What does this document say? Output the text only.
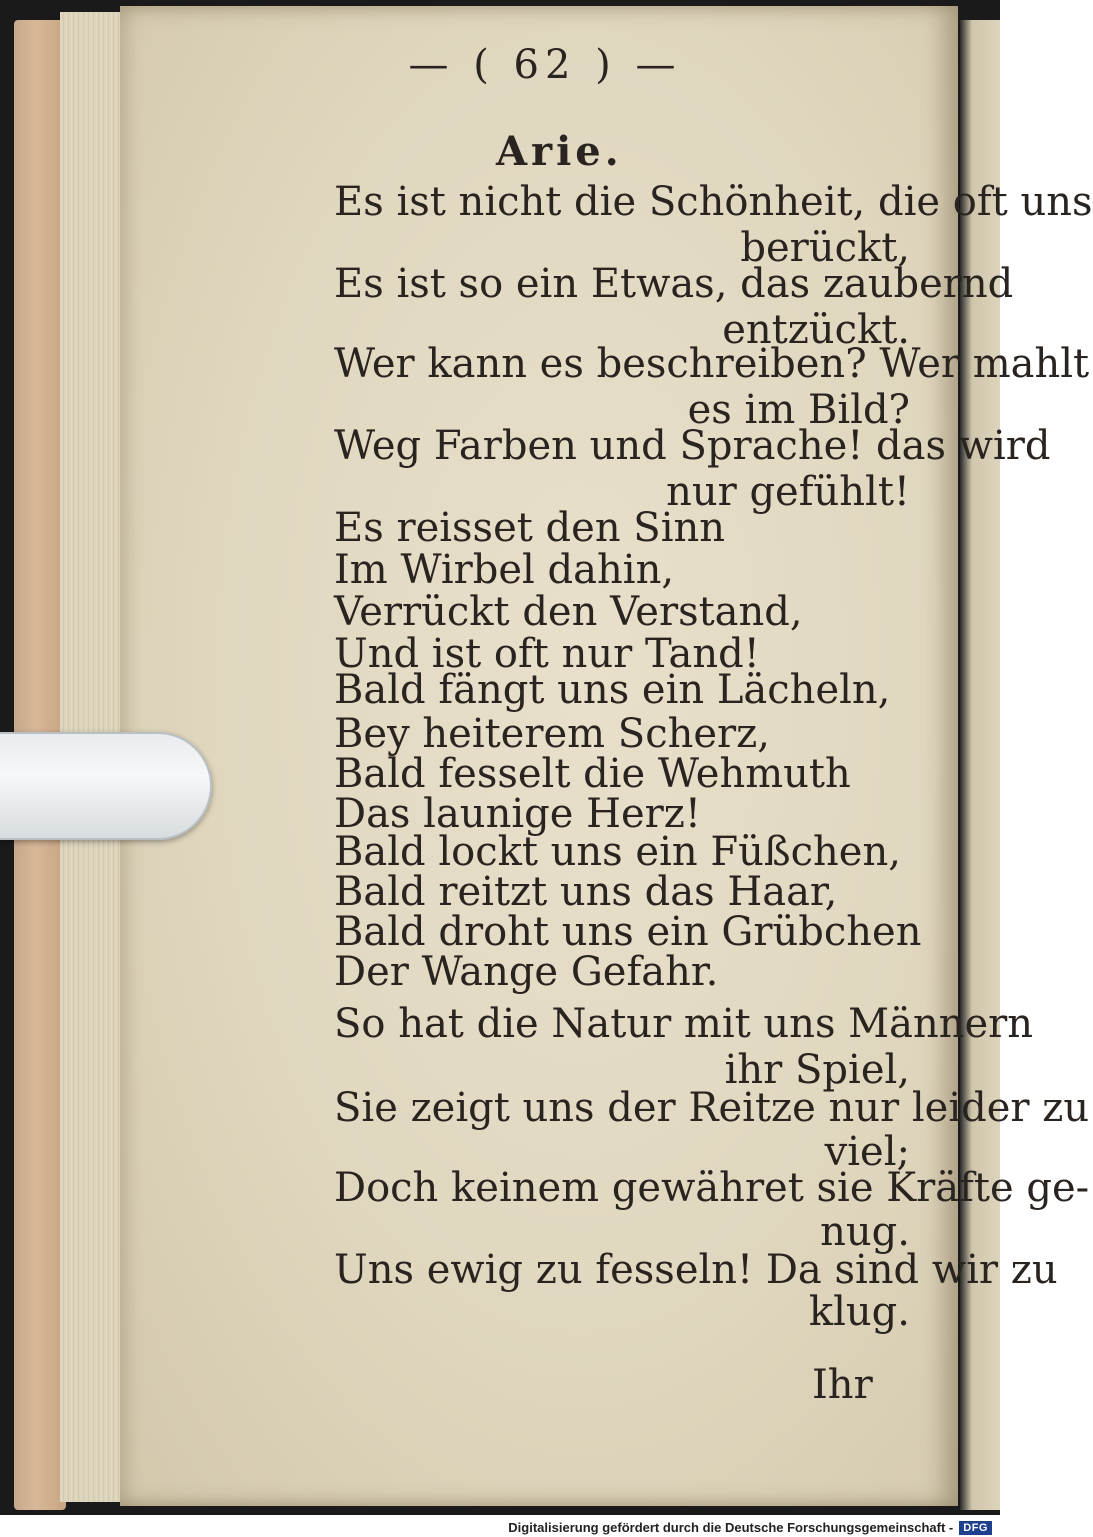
— ( 62 ) —
Arie.
Es ist nicht die Schönheit, die oft uns
berückt,
Es ist so ein Etwas, das zaubernd
entzückt.
Wer kann es beschreiben? Wer mahlt
es im Bild?
Weg Farben und Sprache! das wird
nur gefühlt!
Es reisset den Sinn
Im Wirbel dahin,
Verrückt den Verstand,
Und ist oft nur Tand!
Bald fängt uns ein Lächeln,
Bey heiterem Scherz,
Bald fesselt die Wehmuth
Das launige Herz!
Bald lockt uns ein Füßchen,
Bald reitzt uns das Haar,
Bald droht uns ein Grübchen
Der Wange Gefahr.
So hat die Natur mit uns Männern
ihr Spiel,
Sie zeigt uns der Reitze nur leider zu
viel;
Doch keinem gewähret sie Kräfte ge-
nug.
Uns ewig zu fesseln! Da sind wir zu
klug.
Ihr
Digitalisierung gefördert durch die Deutsche Forschungsgemeinschaft - DFG
